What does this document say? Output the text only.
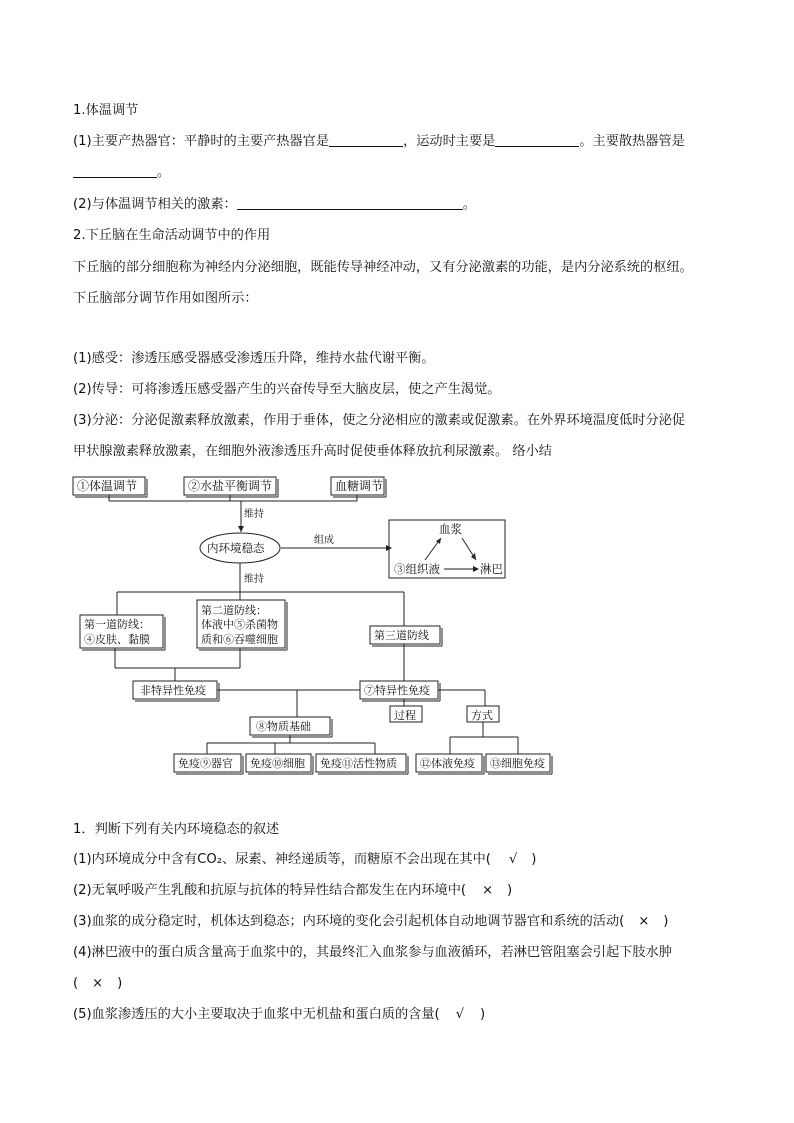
1.体温调节
(1)主要产热器官：平静时的主要产热器官是	，运动时主要是	。主要散热器管是
。
(2)与体温调节相关的激素：	。
2.下丘脑在生命活动调节中的作用
下丘脑的部分细胞称为神经内分泌细胞，既能传导神经冲动，又有分泌激素的功能，是内分泌系统的枢纽。
下丘脑部分调节作用如图所示：
(1)感受：渗透压感受器感受渗透压升降，维持水盐代谢平衡。
(2)传导：可将渗透压感受器产生的兴奋传导至大脑皮层，使之产生渴觉。
(3)分泌：分泌促激素释放激素，作用于垂体，使之分泌相应的激素或促激素。在外界环境温度低时分泌促
甲状腺激素释放激素，在细胞外液渗透压升高时促使垂体释放抗利尿激素。 络小结
①体温调节	②水盐平衡调节	血糖调节
维持
内环境稳态
组成
血浆
③组织液	淋巴
维持
第一道防线：
④皮肤、黏膜
第二道防线：
体液中⑤杀菌物
质和⑥吞噬细胞	第三道防线
非特异性免疫	⑦特异性免疫
过程	方式
⑧物质基础
免疫⑨器官 免疫⑩细胞 免疫⑪活性物质 ⑫体液免疫 ⑬细胞免疫
1．判断下列有关内环境稳态的叙述
(1)内环境成分中含有CO₂、尿素、神经递质等，而糖原不会出现在其中( √ )
(2)无氧呼吸产生乳酸和抗原与抗体的特异性结合都发生在内环境中( × )
(3)血浆的成分稳定时，机体达到稳态；内环境的变化会引起机体自动地调节器官和系统的活动( × )
(4)淋巴液中的蛋白质含量高于血浆中的，其最终汇入血浆参与血液循环，若淋巴管阻塞会引起下肢水肿
( × )
(5)血浆渗透压的大小主要取决于血浆中无机盐和蛋白质的含量( √ )
